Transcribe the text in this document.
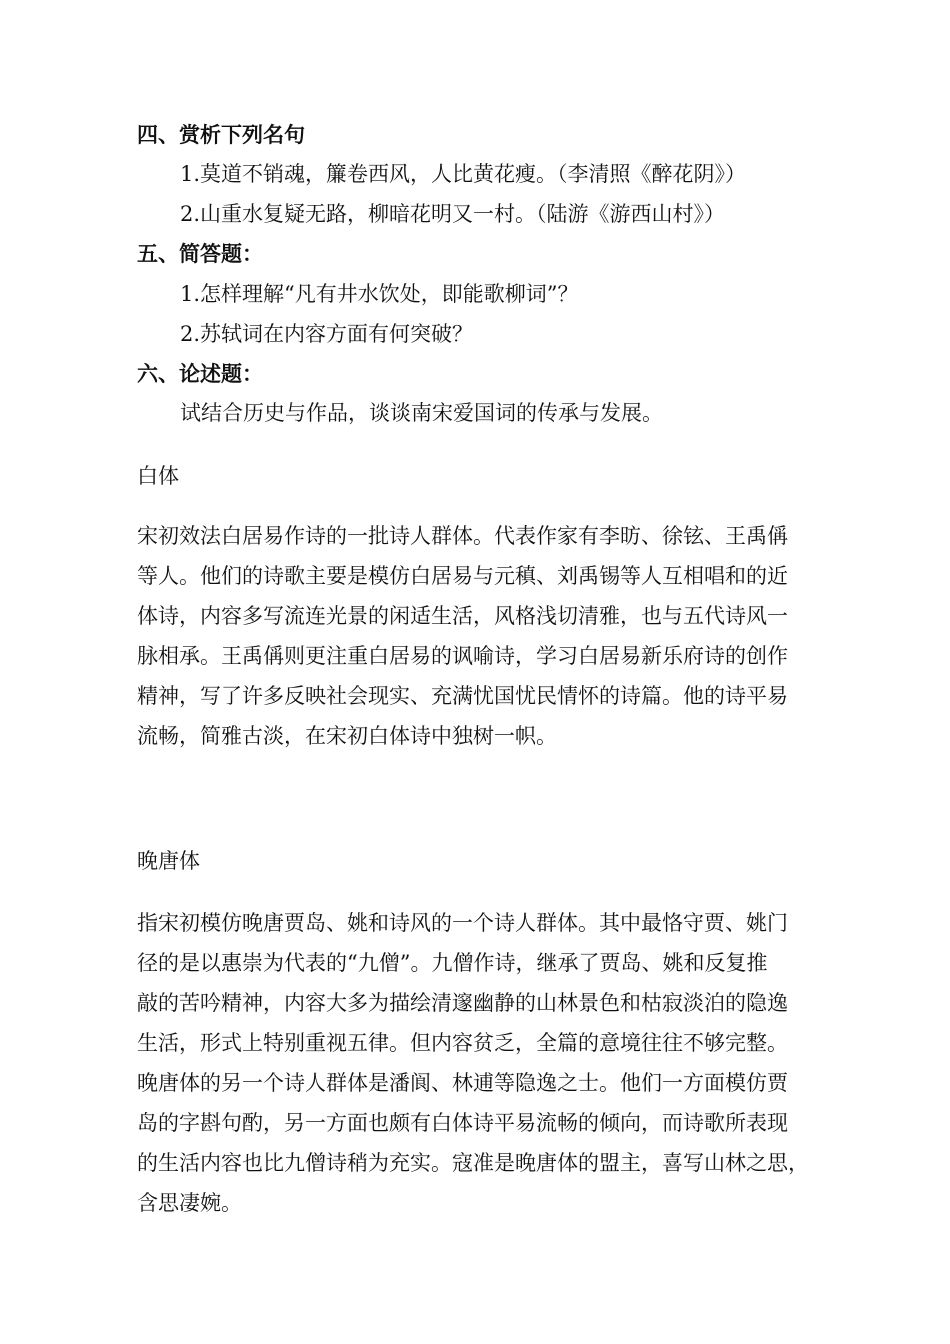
四、赏析下列名句
1.莫道不销魂，簾卷西风，人比黄花瘦。（李清照《醉花阴》）
2.山重水复疑无路，柳暗花明又一村。（陆游《游西山村》）
五、简答题：
1.怎样理解“凡有井水饮处，即能歌柳词”？
2.苏轼词在内容方面有何突破？
六、论述题：
试结合历史与作品，谈谈南宋爱国词的传承与发展。
白体
宋初效法白居易作诗的一批诗人群体。代表作家有李昉、徐铉、王禹偁
等人。他们的诗歌主要是模仿白居易与元稹、刘禹锡等人互相唱和的近
体诗，内容多写流连光景的闲适生活，风格浅切清雅，也与五代诗风一
脉相承。王禹偁则更注重白居易的讽喻诗，学习白居易新乐府诗的创作
精神，写了许多反映社会现实、充满忧国忧民情怀的诗篇。他的诗平易
流畅，简雅古淡，在宋初白体诗中独树一帜。
晚唐体
指宋初模仿晚唐贾岛、姚和诗风的一个诗人群体。其中最恪守贾、姚门
径的是以惠崇为代表的“九僧”。九僧作诗，继承了贾岛、姚和反复推
敲的苦吟精神，内容大多为描绘清邃幽静的山林景色和枯寂淡泊的隐逸
生活，形式上特别重视五律。但内容贫乏，全篇的意境往往不够完整。
晚唐体的另一个诗人群体是潘阆、林逋等隐逸之士。他们一方面模仿贾
岛的字斟句酌，另一方面也颇有白体诗平易流畅的倾向，而诗歌所表现
的生活内容也比九僧诗稍为充实。寇准是晚唐体的盟主，喜写山林之思，
含思凄婉。
